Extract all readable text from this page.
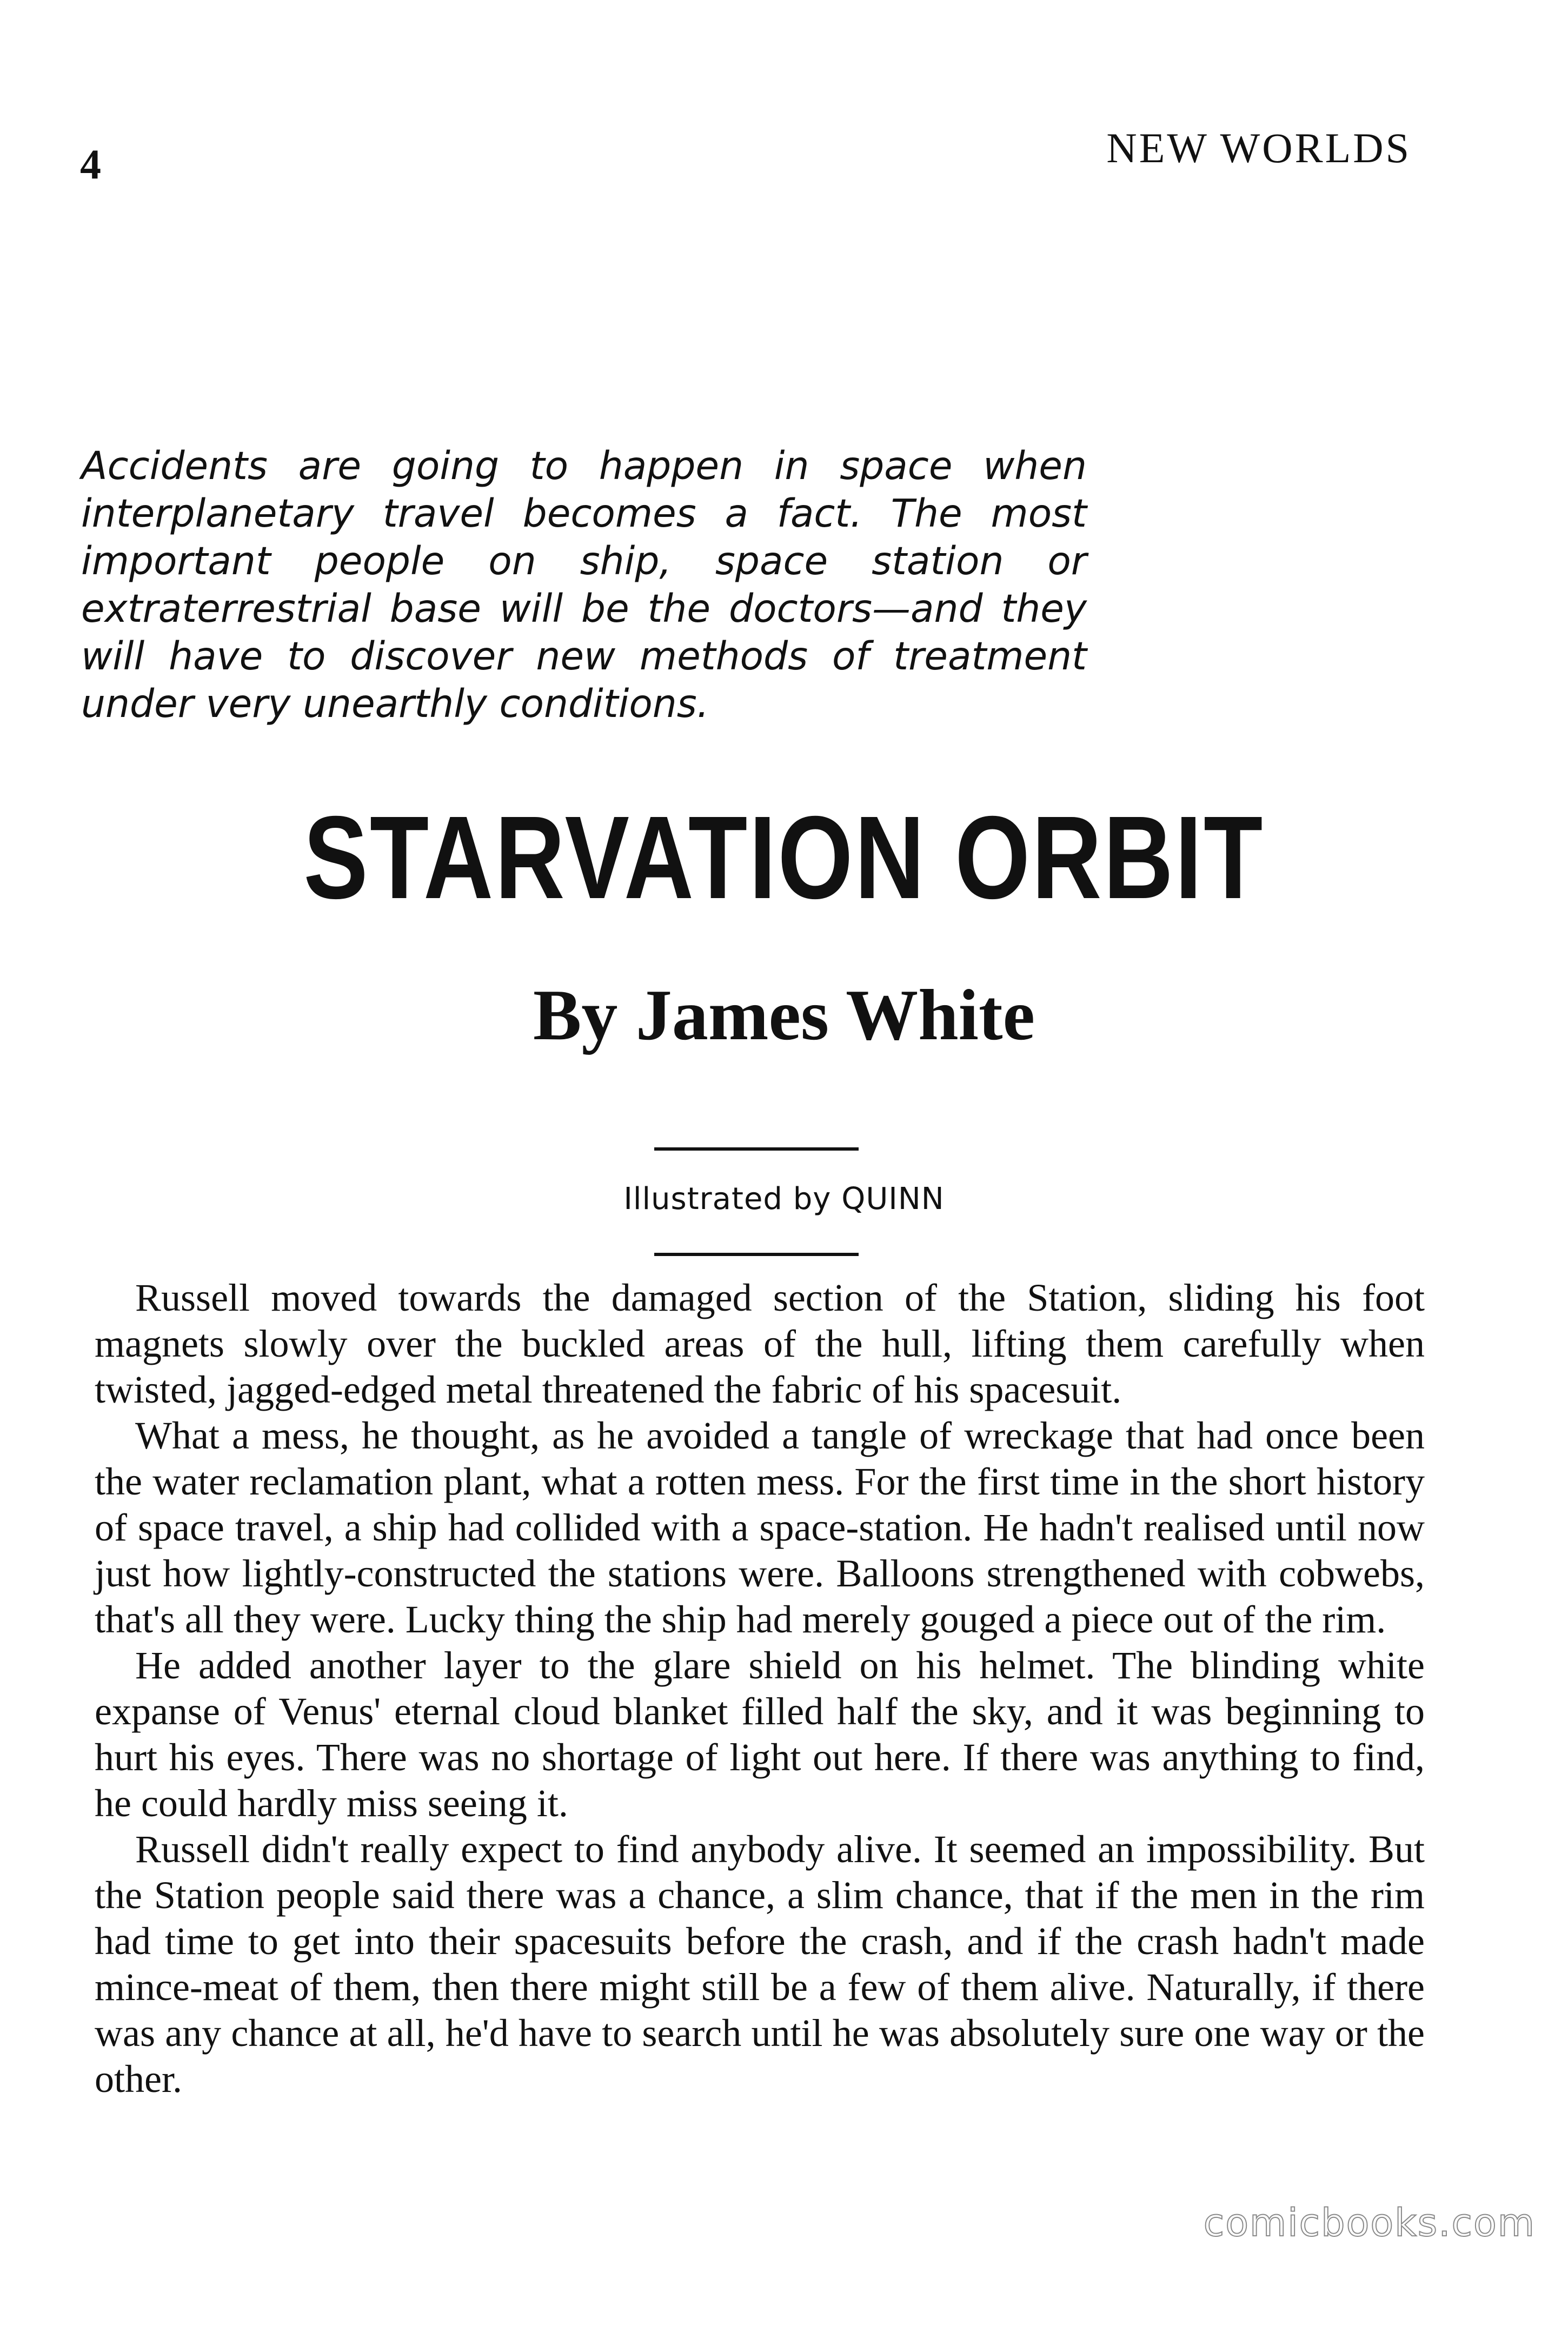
4	NEW WORLDS
Accidents are going to happen in space when interplanetary travel becomes a fact. The most important people on ship, space station or extraterrestrial base will be the doctors—and they will have to discover new methods of treatment under very unearthly conditions.
STARVATION ORBIT
By James White
Illustrated by QUINN

Russell moved towards the damaged section of the Station, sliding his foot magnets slowly over the buckled areas of the hull, lifting them carefully when twisted, jagged-edged metal threatened the fabric of his spacesuit.

What a mess, he thought, as he avoided a tangle of wreckage that had once been the water reclamation plant, what a rotten mess. For the first time in the short history of space travel, a ship had collided with a space-station. He hadn't realised until now just how lightly-constructed the stations were. Balloons strengthened with cobwebs, that's all they were. Lucky thing the ship had merely gouged a piece out of the rim.

He added another layer to the glare shield on his helmet. The blinding white expanse of Venus' eternal cloud blanket filled half the sky, and it was beginning to hurt his eyes. There was no shortage of light out here. If there was anything to find, he could hardly miss seeing it.

Russell didn't really expect to find anybody alive. It seemed an impossibility. But the Station people said there was a chance, a slim chance, that if the men in the rim had time to get into their spacesuits before the crash, and if the crash hadn't made mince-meat of them, then there might still be a few of them alive. Naturally, if there was any chance at all, he'd have to search until he was absolutely sure one way or the other.

comicbooks.com
